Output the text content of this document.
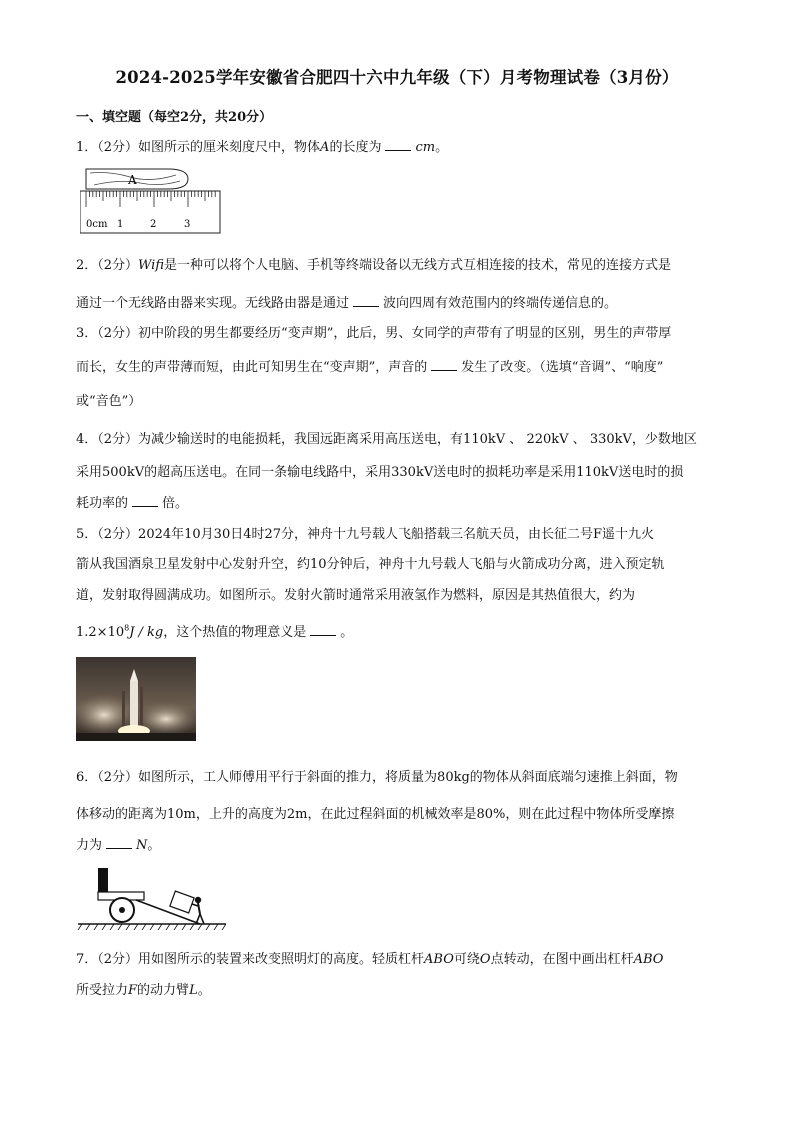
2024-2025学年安徽省合肥四十六中九年级（下）月考物理试卷（3月份）
一、填空题（每空2分，共20分）
1．（2分）如图所示的厘米刻度尺中，物体A的长度为	cm。
A
0cm 1	2	3
2．（2分）Wifi是一种可以将个人电脑、手机等终端设备以无线方式互相连接的技术，常见的连接方式是
通过一个无线路由器来实现。无线路由器是通过	波向四周有效范围内的终端传递信息的。
3．（2分）初中阶段的男生都要经历“变声期”，此后，男、女同学的声带有了明显的区别，男生的声带厚
而长，女生的声带薄而短，由此可知男生在“变声期”，声音的	发生了改变。（选填“音调”、“响度”
或“音色”）
4．（2分）为减少输送时的电能损耗，我国远距离采用高压送电，有110kV 、 220kV 、 330kV，少数地区
采用500kV的超高压送电。在同一条输电线路中，采用330kV送电时的损耗功率是采用110kV送电时的损
耗功率的	倍。
5．（2分）2024年10月30日4时27分，神舟十九号载人飞船搭载三名航天员，由长征二号F遥十九火
箭从我国酒泉卫星发射中心发射升空，约10分钟后，神舟十九号载人飞船与火箭成功分离，进入预定轨
道，发射取得圆满成功。如图所示。发射火箭时通常采用液氢作为燃料，原因是其热值很大，约为
$1.2\times 10^8J$ / kg，这个热值的物理意义是	。
6．（2分）如图所示，工人师傅用平行于斜面的推力，将质量为80kg的物体从斜面底端匀速推上斜面，物
体移动的距离为10m，上升的高度为2m，在此过程斜面的机械效率是80%，则在此过程中物体所受摩擦
力为	N。
7．（2分）用如图所示的装置来改变照明灯的高度。轻质杠杆ABO可绕O点转动，在图中画出杠杆ABO
所受拉力F的动力臂L。
